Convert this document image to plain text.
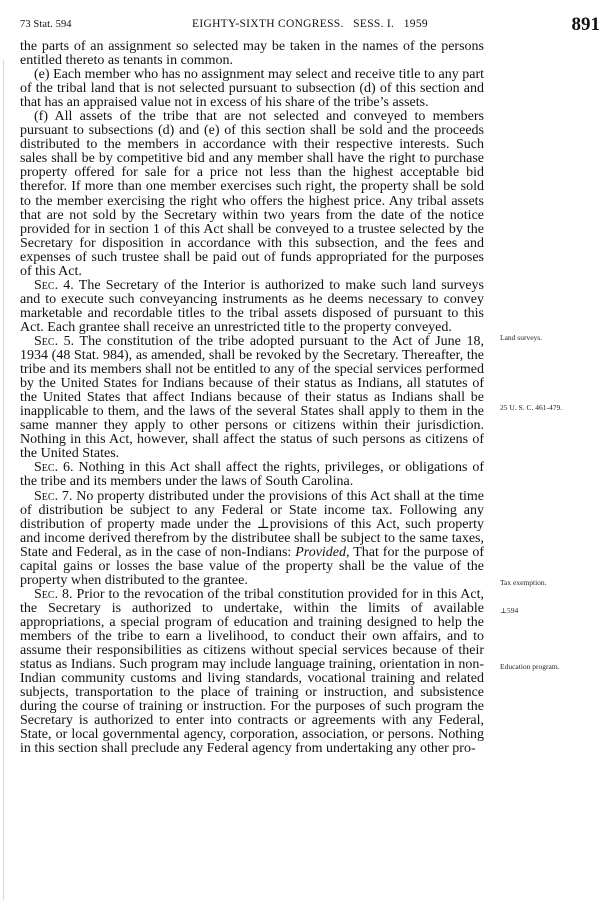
73 Stat. 594	EIGHTY-SIXTH CONGRESS.   SESS. I.   1959	891

the parts of an assignment so selected may be taken in the names of the persons entitled thereto as tenants in common.

(e) Each member who has no assignment may select and receive title to any part of the tribal land that is not selected pursuant to subsection (d) of this section and that has an appraised value not in excess of his share of the tribe’s assets.

(f) All assets of the tribe that are not selected and conveyed to members pursuant to subsections (d) and (e) of this section shall be sold and the proceeds distributed to the members in accordance with their respective interests. Such sales shall be by competitive bid and any member shall have the right to purchase property offered for sale for a price not less than the highest acceptable bid therefor. If more than one member exercises such right, the property shall be sold to the member exercising the right who offers the highest price. Any tribal assets that are not sold by the Secretary within two years from the date of the notice provided for in section 1 of this Act shall be conveyed to a trustee selected by the Secretary for disposition in accordance with this subsection, and the fees and expenses of such trustee shall be paid out of funds appropriated for the purposes of this Act.

Sec. 4. The Secretary of the Interior is authorized to make such land surveys and to execute such conveyancing instruments as he deems necessary to convey marketable and recordable titles to the tribal assets disposed of pursuant to this Act. Each grantee shall receive an unrestricted title to the property conveyed.

Sec. 5. The constitution of the tribe adopted pursuant to the Act of June 18, 1934 (48 Stat. 984), as amended, shall be revoked by the Secretary. Thereafter, the tribe and its members shall not be entitled to any of the special services performed by the United States for Indians because of their status as Indians, all statutes of the United States that affect Indians because of their status as Indians shall be inapplicable to them, and the laws of the several States shall apply to them in the same manner they apply to other persons or citizens within their jurisdiction. Nothing in this Act, however, shall affect the status of such persons as citizens of the United States.

Sec. 6. Nothing in this Act shall affect the rights, privileges, or obligations of the tribe and its members under the laws of South Carolina.

Sec. 7. No property distributed under the provisions of this Act shall at the time of distribution be subject to any Federal or State income tax. Following any distribution of property made under the ⊥provisions of this Act, such property and income derived therefrom by the distributee shall be subject to the same taxes, State and Federal, as in the case of non-Indians: Provided, That for the purpose of capital gains or losses the base value of the property shall be the value of the property when distributed to the grantee.

Sec. 8. Prior to the revocation of the tribal constitution provided for in this Act, the Secretary is authorized to undertake, within the limits of available appropriations, a special program of education and training designed to help the members of the tribe to earn a livelihood, to conduct their own affairs, and to assume their responsibilities as citizens without special services because of their status as Indians. Such program may include language training, orientation in non-Indian community customs and living standards, vocational training and related subjects, transportation to the place of training or instruction, and subsistence during the course of training or instruction. For the purposes of such program the Secretary is authorized to enter into contracts or agreements with any Federal, State, or local governmental agency, corporation, association, or persons. Nothing in this section shall preclude any Federal agency from undertaking any other pro-

Land surveys.
25 U. S. C. 461-479.
Tax exemption.
⊥594
Education program.
